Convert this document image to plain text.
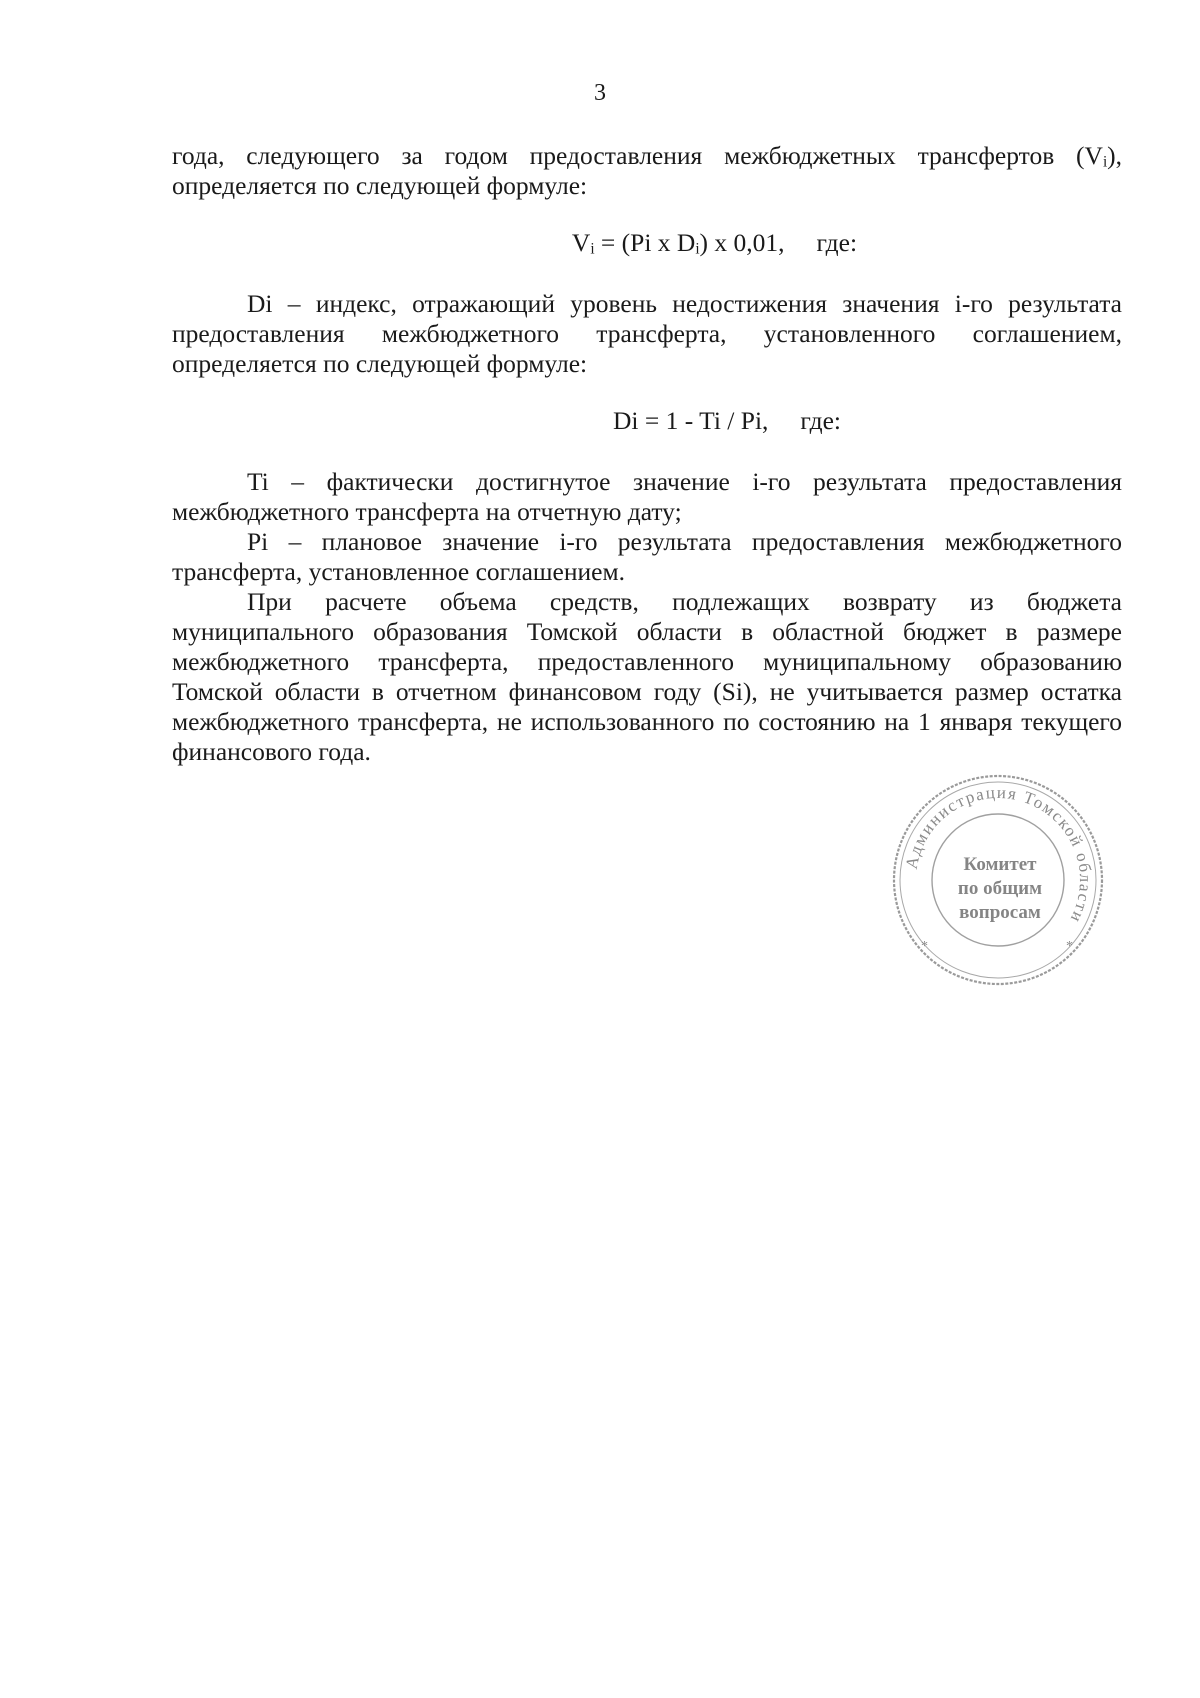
3

года, следующего за годом предоставления межбюджетных трансфертов (Vᵢ), определяется по следующей формуле:

Vᵢ = (Pi x Dᵢ) x 0,01, где:

Di – индекс, отражающий уровень недостижения значения i-го результата предоставления межбюджетного трансферта, установленного соглашением, определяется по следующей формуле:

Di = 1 - Ti / Pi, где:

Ti – фактически достигнутое значение i-го результата предоставления межбюджетного трансферта на отчетную дату;

Pi – плановое значение i-го результата предоставления межбюджетного трансферта, установленное соглашением.

При расчете объема средств, подлежащих возврату из бюджета муниципального образования Томской области в областной бюджет в размере межбюджетного трансферта, предоставленного муниципальному образованию Томской области в отчетном финансовом году (Si), не учитывается размер остатка межбюджетного трансферта, не использованного по состоянию на 1 января текущего финансового года.

Администрация Томской области
*	*
Комитет
по общим
вопросам
